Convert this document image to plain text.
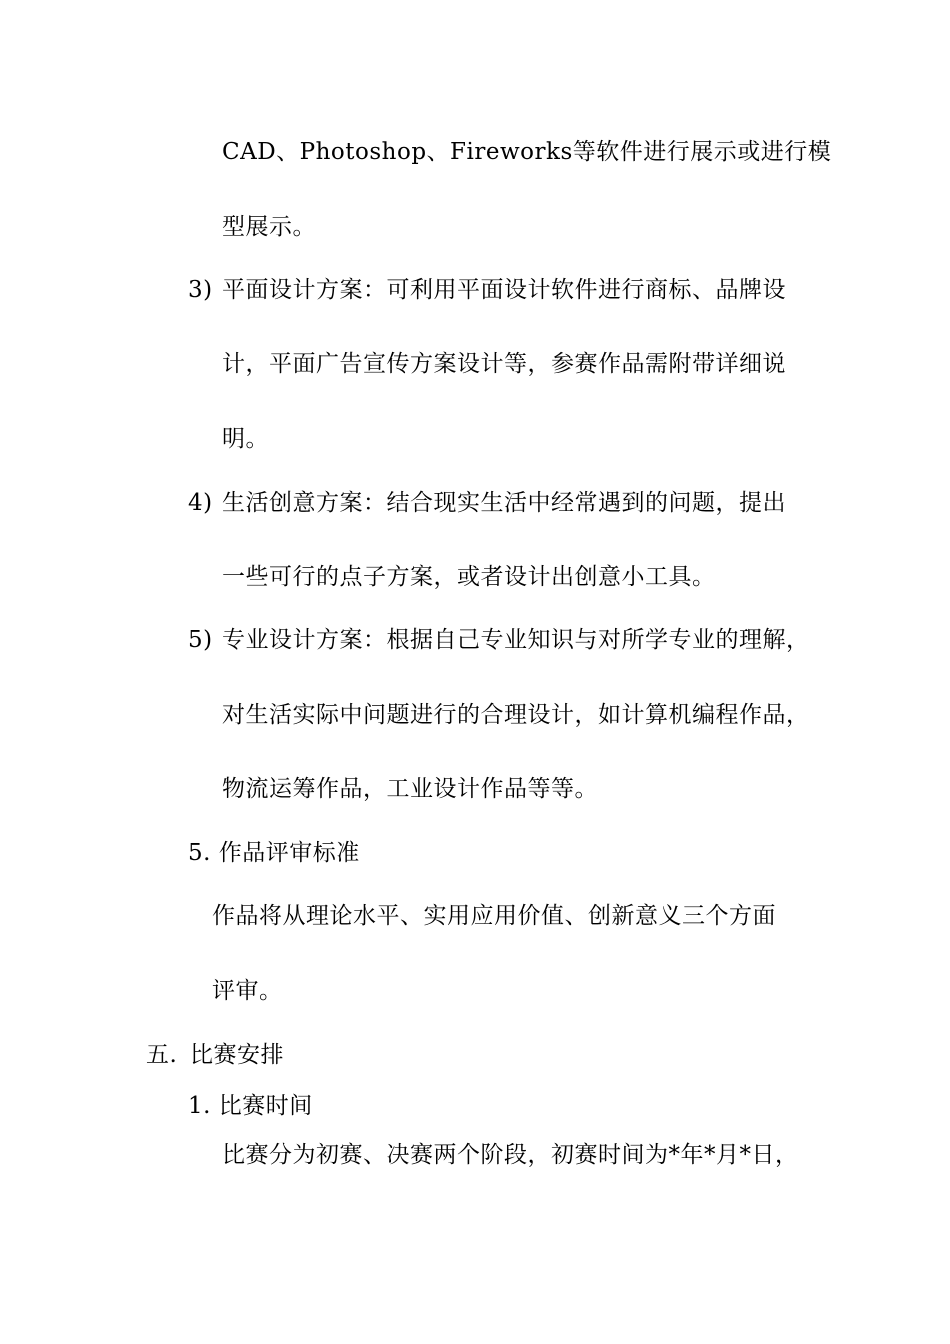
CAD、Photoshop、Fireworks等软件进行展示或进行模
型展示。
3) 平面设计方案：可利用平面设计软件进行商标、品牌设
计，平面广告宣传方案设计等，参赛作品需附带详细说
明。
4) 生活创意方案：结合现实生活中经常遇到的问题，提出
一些可行的点子方案，或者设计出创意小工具。
5) 专业设计方案：根据自己专业知识与对所学专业的理解，
对生活实际中问题进行的合理设计，如计算机编程作品，
物流运筹作品，工业设计作品等等。
5. 作品评审标准
作品将从理论水平、实用应用价值、创新意义三个方面
评审。
五. 比赛安排
1. 比赛时间
比赛分为初赛、决赛两个阶段，初赛时间为*年*月*日，
